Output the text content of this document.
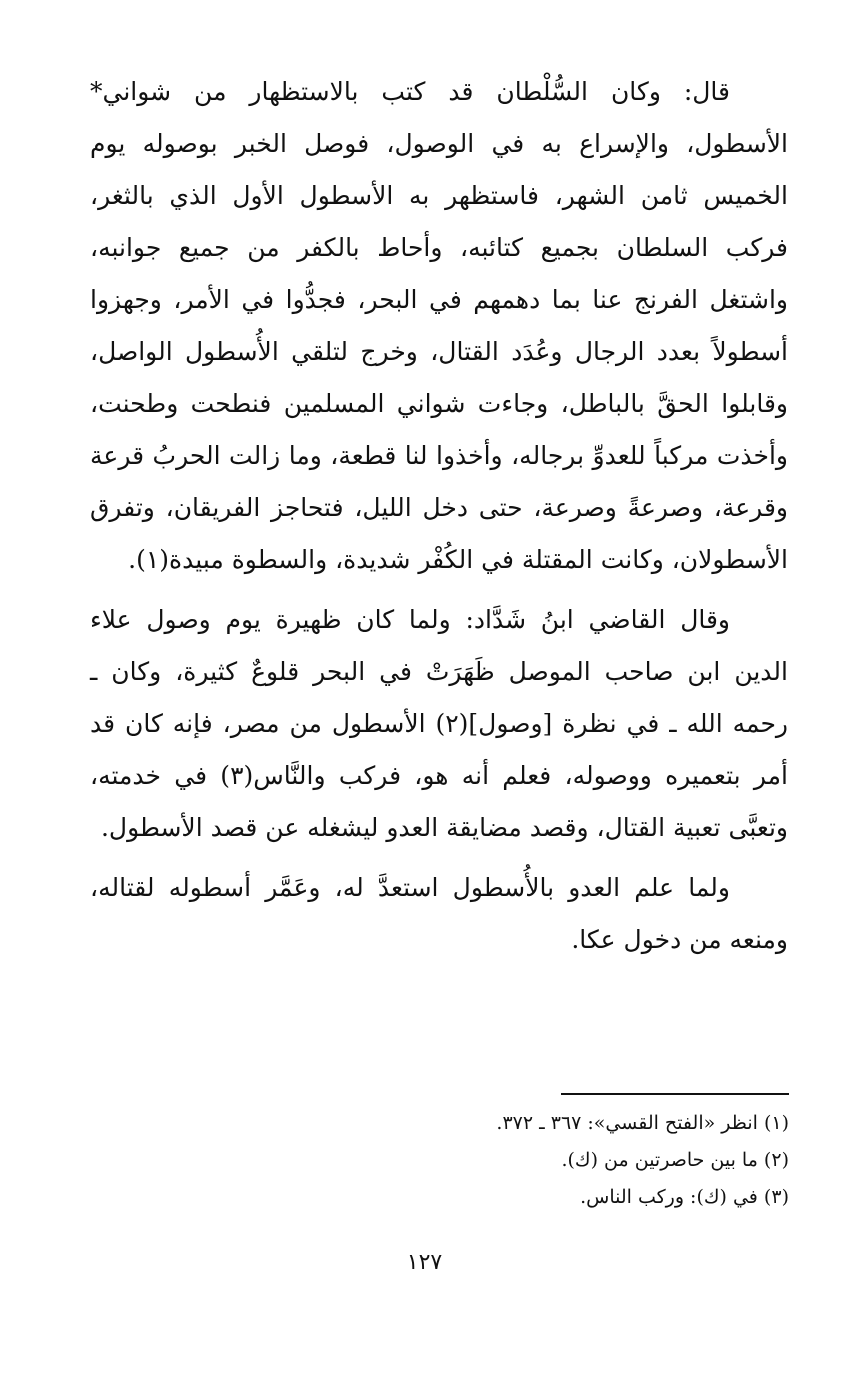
قال: وكان السُّلْطان قد كتب بالاستظهار من شواني* الأسطول، والإسراع به في الوصول، فوصل الخبر بوصوله يوم الخميس ثامن الشهر، فاستظهر به الأسطول الأول الذي بالثغر، فركب السلطان بجميع كتائبه، وأحاط بالكفر من جميع جوانبه، واشتغل الفرنج عنا بما دهمهم في البحر، فجدُّوا في الأمر، وجهزوا أسطولاً بعدد الرجال وعُدَد القتال، وخرج لتلقي الأُسطول الواصل، وقابلوا الحقَّ بالباطل، وجاءت شواني المسلمين فنطحت وطحنت، وأخذت مركباً للعدوِّ برجاله، وأخذوا لنا قطعة، وما زالت الحربُ قرعة وقرعة، وصرعةً وصرعة، حتى دخل الليل، فتحاجز الفريقان، وتفرق الأسطولان، وكانت المقتلة في الكُفْر شديدة، والسطوة مبيدة(١).

وقال القاضي ابنُ شَدَّاد: ولما كان ظهيرة يوم وصول علاء الدين ابن صاحب الموصل ظَهَرَتْ في البحر قلوعٌ كثيرة، وكان ـ رحمه الله ـ في نظرة [وصول](٢) الأسطول من مصر، فإنه كان قد أمر بتعميره ووصوله، فعلم أنه هو، فركب والنَّاس(٣) في خدمته، وتعبَّى تعبية القتال، وقصد مضايقة العدو ليشغله عن قصد الأسطول.

ولما علم العدو بالأُسطول استعدَّ له، وعَمَّر أسطوله لقتاله، ومنعه من دخول عكا.

(١) انظر «الفتح القسي»: ٣٦٧ ـ ٣٧٢.

(٢) ما بين حاصرتين من (ك).

(٣) في (ك): وركب الناس.

١٢٧
